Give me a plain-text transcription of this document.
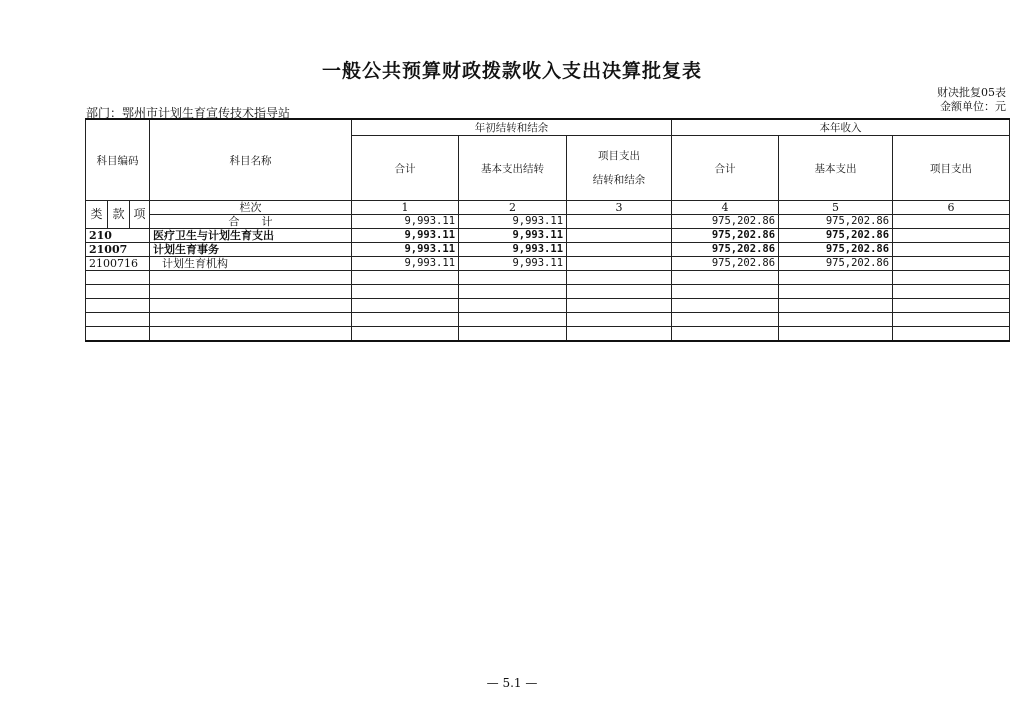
一般公共预算财政拨款收入支出决算批复表
财决批复05表
金额单位：元
部门：鄂州市计划生育宣传技术指导站
科目编码			科目名称	年初结转和结余			本年收入		
				合计	基本支出结转	项目支出
结转和结余	合计	基本支出	项目支出
类	款	项	栏次	1	2	3	4	5	6
			合　　计	9,993.11	9,993.11		975,202.86	975,202.86	
210			医疗卫生与计划生育支出	9,993.11	9,993.11		975,202.86	975,202.86	
21007			计划生育事务	9,993.11	9,993.11		975,202.86	975,202.86	
2100716			计划生育机构	9,993.11	9,993.11		975,202.86	975,202.86	

— 5.1 —
